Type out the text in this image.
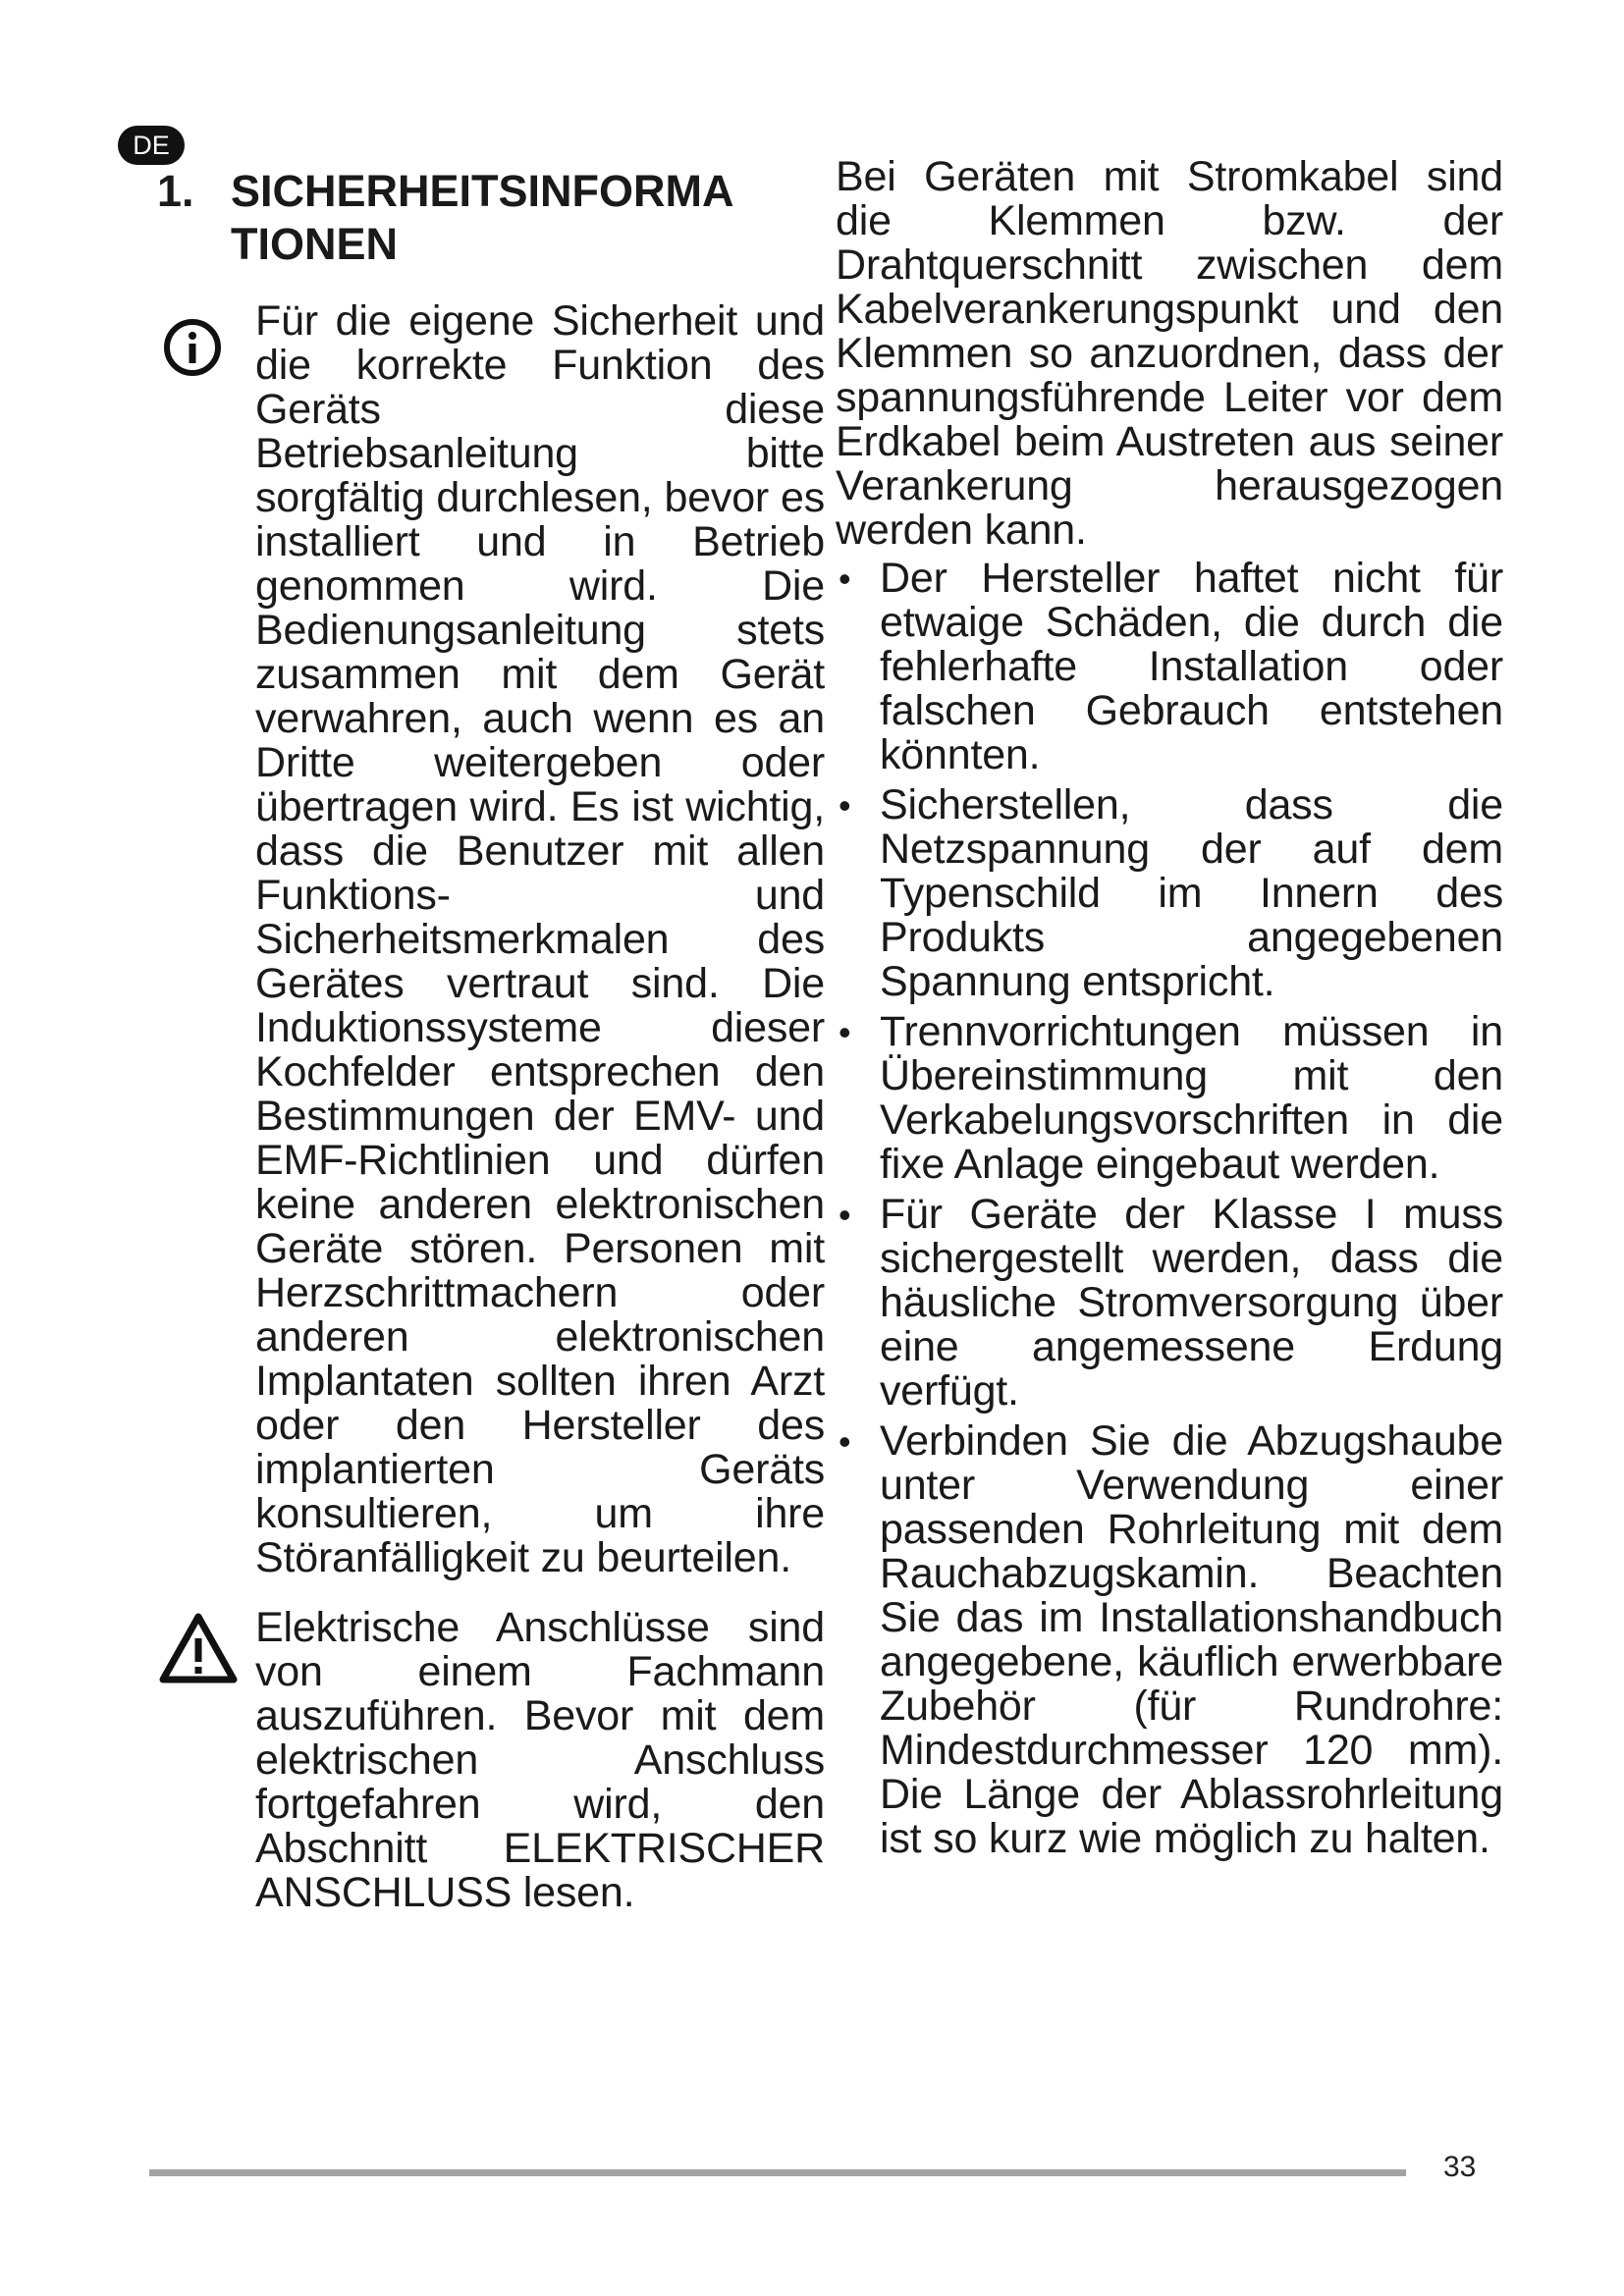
DE
1. SICHERHEITSINFORMA
TIONEN

Für die eigene Sicherheit und die korrekte Funktion des Geräts diese Betriebsanleitung bitte sorgfältig durchlesen, bevor es installiert und in Betrieb genommen wird. Die Bedienungsanleitung stets zusammen mit dem Gerät verwahren, auch wenn es an Dritte weitergeben oder übertragen wird. Es ist wichtig, dass die Benutzer mit allen Funktions- und Sicherheitsmerkmalen des Gerätes vertraut sind. Die Induktionssysteme dieser Kochfelder entsprechen den Bestimmungen der EMV- und EMF-Richtlinien und dürfen keine anderen elektronischen Geräte stören. Personen mit Herzschrittmachern oder anderen elektronischen Implantaten sollten ihren Arzt oder den Hersteller des implantierten Geräts konsultieren, um ihre Störanfälligkeit zu beurteilen.

Elektrische Anschlüsse sind von einem Fachmann auszuführen. Bevor mit dem elektrischen Anschluss fortgefahren wird, den Abschnitt ELEKTRISCHER ANSCHLUSS lesen.

Bei Geräten mit Stromkabel sind die Klemmen bzw. der Drahtquerschnitt zwischen dem Kabelverankerungspunkt und den Klemmen so anzuordnen, dass der spannungsführende Leiter vor dem Erdkabel beim Austreten aus seiner Verankerung herausgezogen werden kann.

• Der Hersteller haftet nicht für etwaige Schäden, die durch die fehlerhafte Installation oder falschen Gebrauch entstehen könnten.

• Sicherstellen, dass die Netzspannung der auf dem Typenschild im Innern des Produkts angegebenen Spannung entspricht.

• Trennvorrichtungen müssen in Übereinstimmung mit den Verkabelungsvorschriften in die fixe Anlage eingebaut werden.

• Für Geräte der Klasse I muss sichergestellt werden, dass die häusliche Stromversorgung über eine angemessene Erdung verfügt.

• Verbinden Sie die Abzugshaube unter Verwendung einer passenden Rohrleitung mit dem Rauchabzugskamin. Beachten Sie das im Installationshandbuch angegebene, käuflich erwerbbare Zubehör (für Rundrohre: Mindestdurchmesser 120 mm). Die Länge der Ablassrohrleitung ist so kurz wie möglich zu halten.

33
